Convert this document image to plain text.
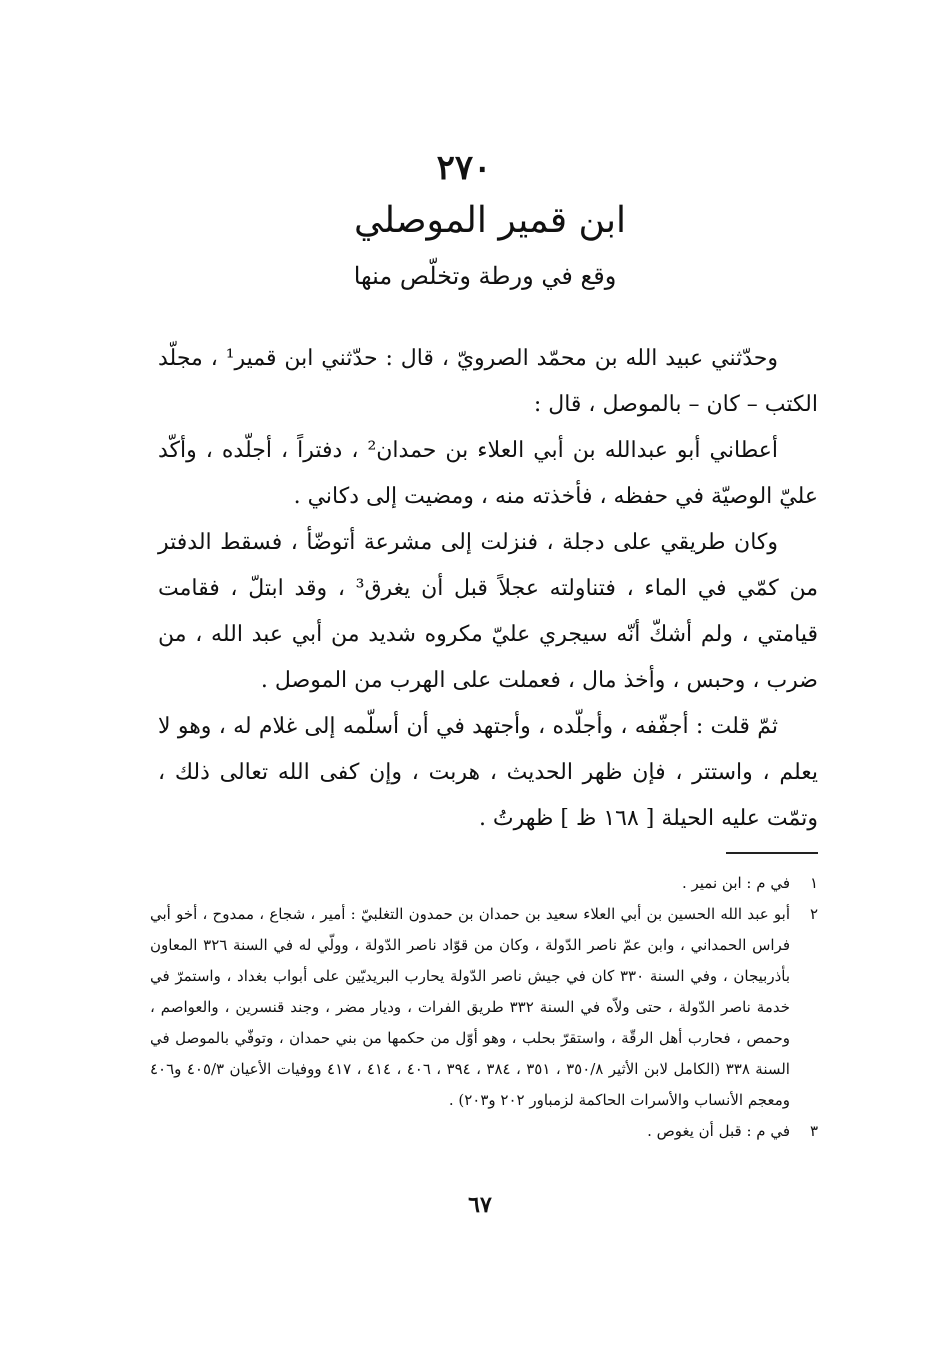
٢٧٠
ابن قمير الموصلي
وقع في ورطة وتخلّص منها

وحدّثني عبيد الله بن محمّد الصرويّ ، قال : حدّثني ابن قمير¹ ، مجلّد الكتب – كان – بالموصل ، قال :

أعطاني أبو عبدالله بن أبي العلاء بن حمدان² ، دفتراً ، أجلّده ، وأكّد عليّ الوصيّة في حفظه ، فأخذته منه ، ومضيت إلى دكاني .

وكان طريقي على دجلة ، فنزلت إلى مشرعة أتوضّأ ، فسقط الدفتر من كمّي في الماء ، فتناولته عجلاً قبل أن يغرق³ ، وقد ابتلّ ، فقامت قيامتي ، ولم أشكّ أنّه سيجري عليّ مكروه شديد من أبي عبد الله ، من ضرب ، وحبس ، وأخذ مال ، فعملت على الهرب من الموصل .

ثمّ قلت : أجفّفه ، وأجلّده ، وأجتهد في أن أسلّمه إلى غلام له ، وهو لا يعلم ، واستتر ، فإن ظهر الحديث ، هربت ، وإن كفى الله تعالى ذلك ، وتمّت عليه الحيلة [ ١٦٨ ظ ] ظهرتُ .

١
في م : ابن نمير .
٢
أبو عبد الله الحسين بن أبي العلاء سعيد بن حمدان بن حمدون التغلبيّ : أمير ، شجاع ، ممدوح ، أخو أبي فراس الحمداني ، وابن عمّ ناصر الدّولة ، وكان من قوّاد ناصر الدّولة ، وولّي له في السنة ٣٢٦ المعاون بأذربيجان ، وفي السنة ٣٣٠ كان في جيش ناصر الدّولة يحارب البريديّين على أبواب بغداد ، واستمرّ في خدمة ناصر الدّولة ، حتى ولاّه في السنة ٣٣٢ طريق الفرات ، وديار مضر ، وجند قنسرين ، والعواصم ، وحمص ، فحارب أهل الرقّة ، واستقرّ بحلب ، وهو أوّل من حكمها من بني حمدان ، وتوفّي بالموصل في السنة ٣٣٨ (الكامل لابن الأثير ٣٥٠/٨ ، ٣٥١ ، ٣٨٤ ، ٣٩٤ ، ٤٠٦ ، ٤١٤ ، ٤١٧ ووفيات الأعيان ٤٠٥/٣ و٤٠٦ ومعجم الأنساب والأسرات الحاكمة لزمباور ٢٠٢ و٢٠٣) .
٣
في م : قبل أن يغوص .
٦٧
